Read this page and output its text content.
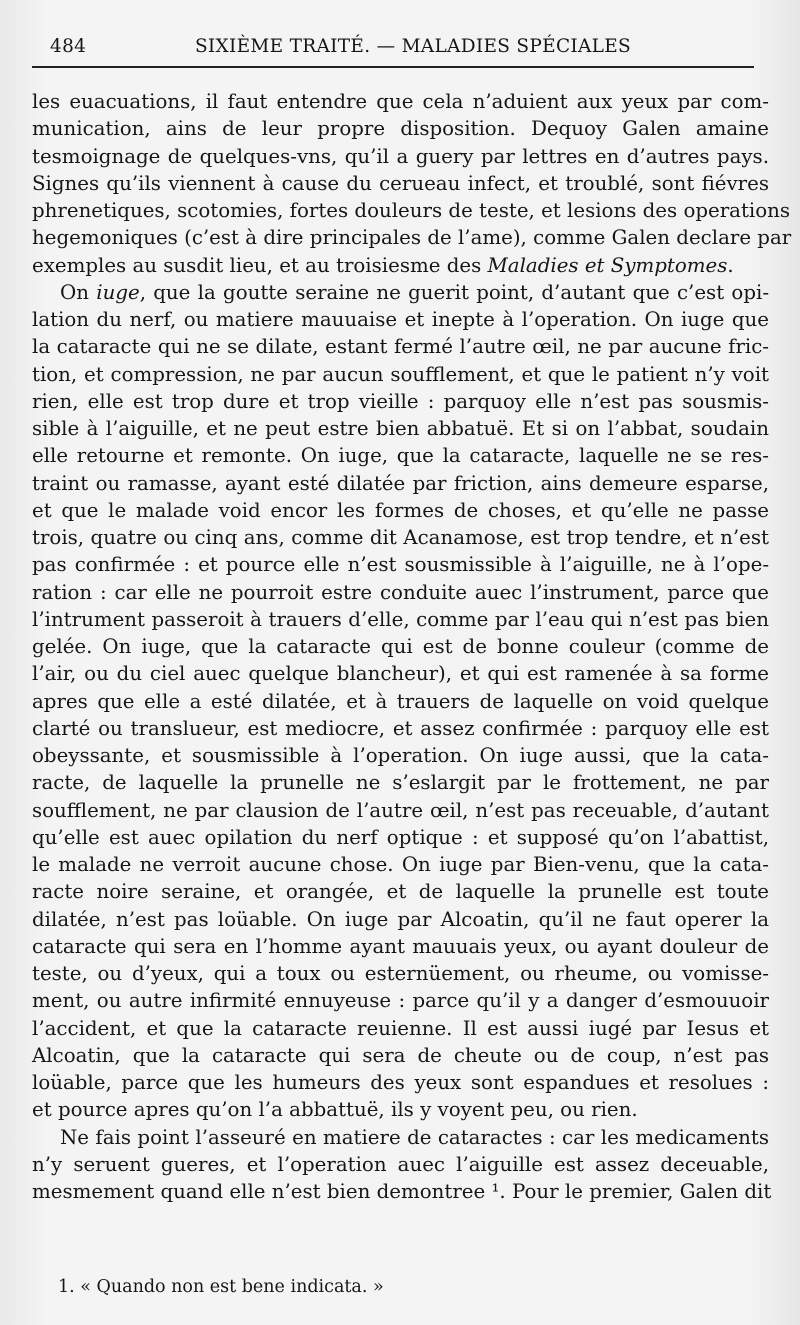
484	SIXIÈME TRAITÉ. — MALADIES SPÉCIALES
les euacuations, il faut entendre que cela n’aduient aux yeux par com-
munication, ains de leur propre disposition. Dequoy Galen amaine
tesmoignage de quelques-vns, qu’il a guery par lettres en d’autres pays.
Signes qu’ils viennent à cause du cerueau infect, et troublé, sont fiévres
phrenetiques, scotomies, fortes douleurs de teste, et lesions des operations
hegemoniques (c’est à dire principales de l’ame), comme Galen declare par
exemples au susdit lieu, et au troisiesme des Maladies et Symptomes.
On iuge, que la goutte seraine ne guerit point, d’autant que c’est opi-
lation du nerf, ou matiere mauuaise et inepte à l’operation. On iuge que
la cataracte qui ne se dilate, estant fermé l’autre œil, ne par aucune fric-
tion, et compression, ne par aucun soufflement, et que le patient n’y voit
rien, elle est trop dure et trop vieille : parquoy elle n’est pas sousmis-
sible à l’aiguille, et ne peut estre bien abbatuë. Et si on l’abbat, soudain
elle retourne et remonte. On iuge, que la cataracte, laquelle ne se res-
traint ou ramasse, ayant esté dilatée par friction, ains demeure esparse,
et que le malade void encor les formes de choses, et qu’elle ne passe
trois, quatre ou cinq ans, comme dit Acanamose, est trop tendre, et n’est
pas confirmée : et pource elle n’est sousmissible à l’aiguille, ne à l’ope-
ration : car elle ne pourroit estre conduite auec l’instrument, parce que
l’intrument passeroit à trauers d’elle, comme par l’eau qui n’est pas bien
gelée. On iuge, que la cataracte qui est de bonne couleur (comme de
l’air, ou du ciel auec quelque blancheur), et qui est ramenée à sa forme
apres que elle a esté dilatée, et à trauers de laquelle on void quelque
clarté ou translueur, est mediocre, et assez confirmée : parquoy elle est
obeyssante, et sousmissible à l’operation. On iuge aussi, que la cata-
racte, de laquelle la prunelle ne s’eslargit par le frottement, ne par
soufflement, ne par clausion de l’autre œil, n’est pas receuable, d’autant
qu’elle est auec opilation du nerf optique : et supposé qu’on l’abattist,
le malade ne verroit aucune chose. On iuge par Bien-venu, que la cata-
racte noire seraine, et orangée, et de laquelle la prunelle est toute
dilatée, n’est pas loüable. On iuge par Alcoatin, qu’il ne faut operer la
cataracte qui sera en l’homme ayant mauuais yeux, ou ayant douleur de
teste, ou d’yeux, qui a toux ou esternüement, ou rheume, ou vomisse-
ment, ou autre infirmité ennuyeuse : parce qu’il y a danger d’esmouuoir
l’accident, et que la cataracte reuienne. Il est aussi iugé par Iesus et
Alcoatin, que la cataracte qui sera de cheute ou de coup, n’est pas
loüable, parce que les humeurs des yeux sont espandues et resolues :
et pource apres qu’on l’a abbattuë, ils y voyent peu, ou rien.
Ne fais point l’asseuré en matiere de cataractes : car les medicaments
n’y seruent gueres, et l’operation auec l’aiguille est assez deceuable,
mesmement quand elle n’est bien demontree ¹. Pour le premier, Galen dit
1. « Quando non est bene indicata. »
